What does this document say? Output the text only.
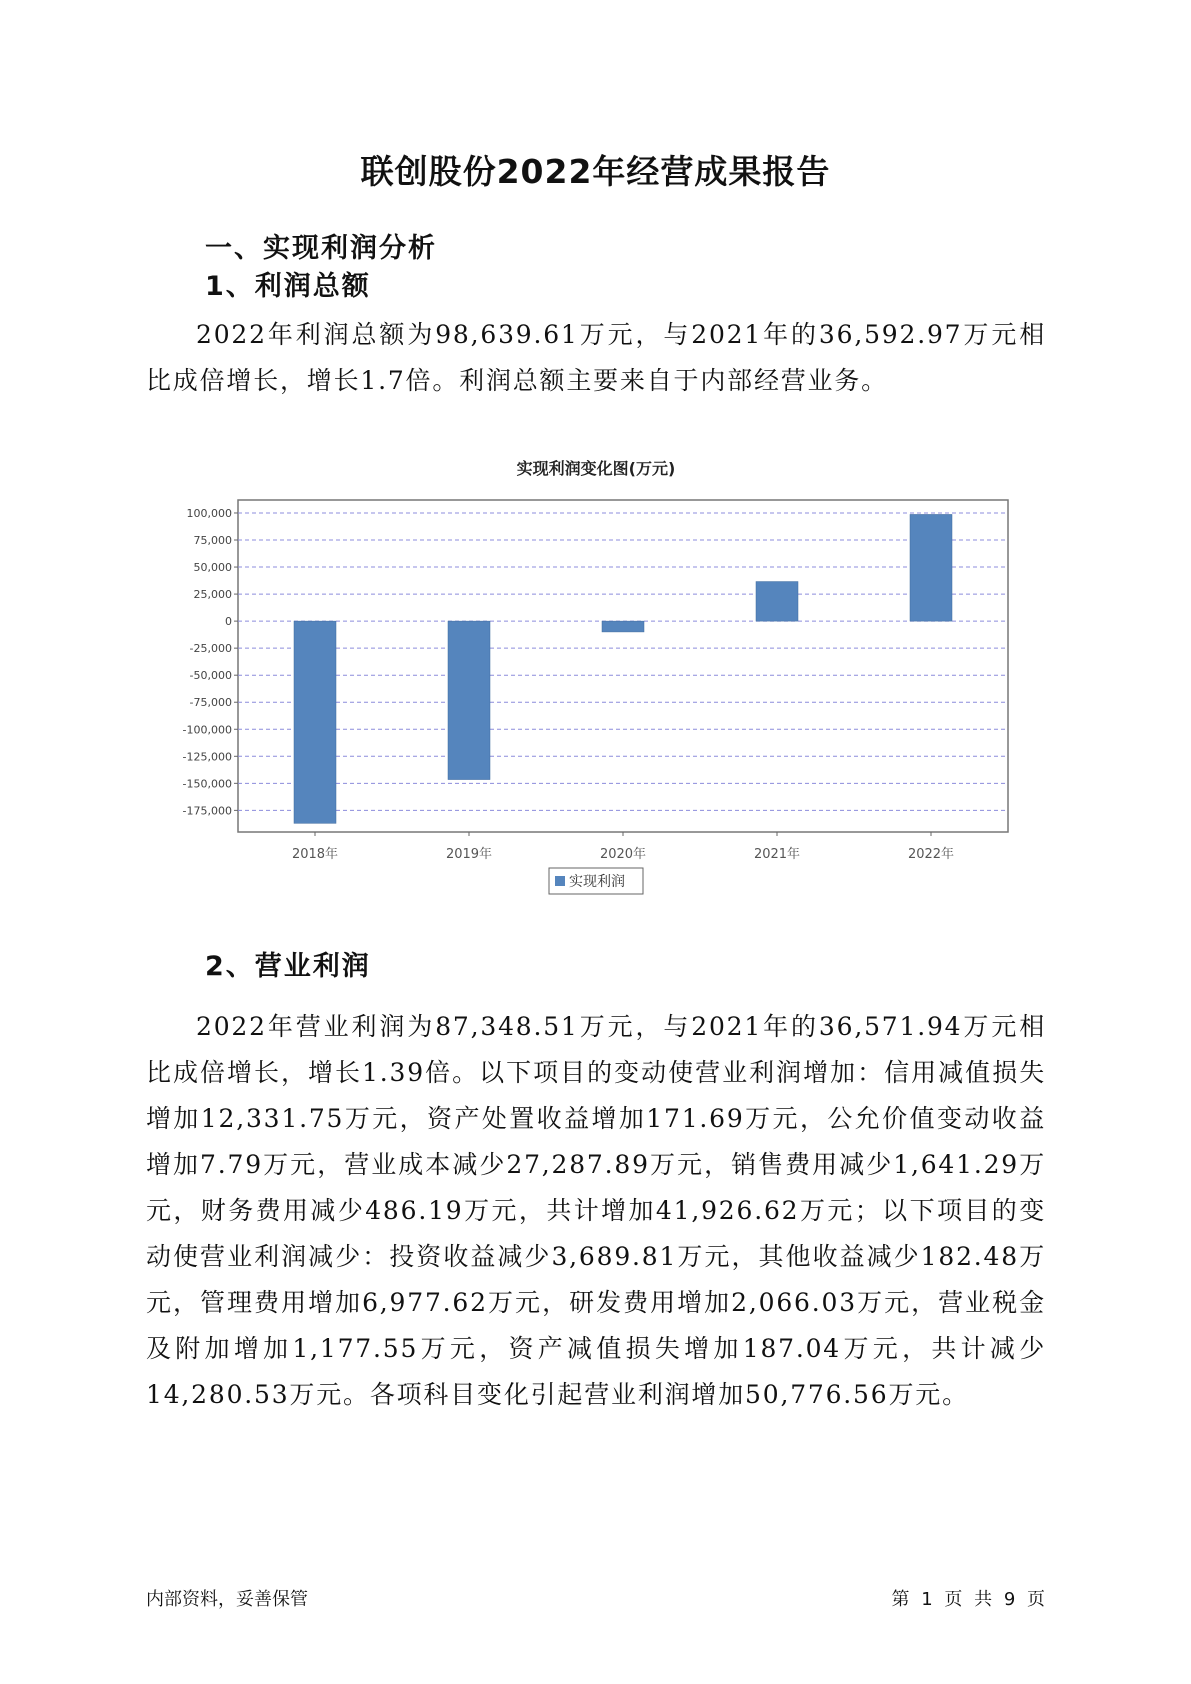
联创股份2022年经营成果报告
一、实现利润分析
1、利润总额

2022年利润总额为98,639.61万元，与2021年的36,592.97万元相比成倍增长，增长1.7倍。利润总额主要来自于内部经营业务。

实现利润变化图(万元)
100,000
75,000
50,000
25,000
0
-25,000
-50,000
-75,000
-100,000
-125,000
-150,000
-175,000
2018年	2019年	2020年	2021年	2022年
实现利润
2、营业利润

2022年营业利润为87,348.51万元，与2021年的36,571.94万元相比成倍增长，增长1.39倍。以下项目的变动使营业利润增加：信用减值损失增加12,331.75万元，资产处置收益增加171.69万元，公允价值变动收益增加7.79万元，营业成本减少27,287.89万元，销售费用减少1,641.29万元，财务费用减少486.19万元，共计增加41,926.62万元；以下项目的变动使营业利润减少：投资收益减少3,689.81万元，其他收益减少182.48万元，管理费用增加6,977.62万元，研发费用增加2,066.03万元，营业税金及附加增加1,177.55万元，资产减值损失增加187.04万元，共计减少14,280.53万元。各项科目变化引起营业利润增加50,776.56万元。

内部资料，妥善保管	第 1 页 共 9 页
